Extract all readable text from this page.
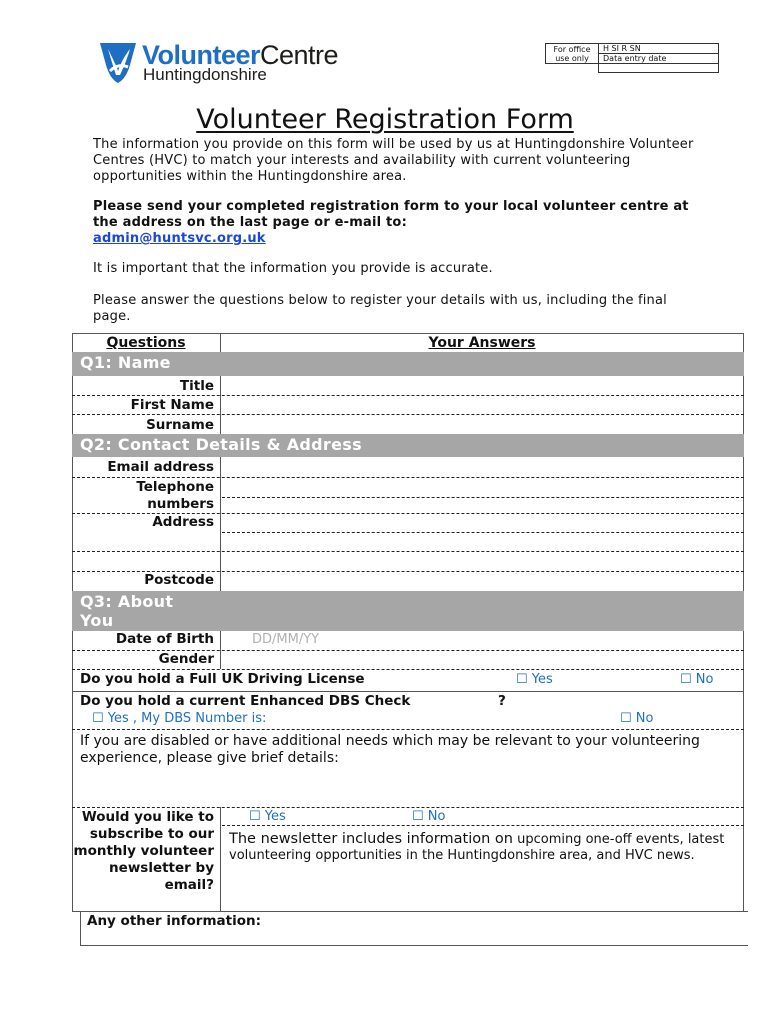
VolunteerCentre
Huntingdonshire
For office use only	H SI R SN
	Data entry date

Volunteer Registration Form
The information you provide on this form will be used by us at Huntingdonshire Volunteer Centres (HVC) to match your interests and availability with current volunteering opportunities within the Huntingdonshire area.
Please send your completed registration form to your local volunteer centre at the address on the last page or e-mail to:
admin@huntsvc.org.uk
It is important that the information you provide is accurate.
Please answer the questions below to register your details with us, including the final page.
Questions	Your Answers
Q1: Name
Title
First Name
Surname
Q2: Contact Details & Address
Email address
Telephone numbers
Address
Postcode
Q3: About
You
Date of Birth	DD/MM/YY
Gender
Do you hold a Full UK Driving License	☐ Yes	☐ No
Do you hold a current Enhanced DBS Check	?
☐ Yes , My DBS Number is:	☐ No
If you are disabled or have additional needs which may be relevant to your volunteering experience, please give brief details:
Would you like to subscribe to our monthly volunteer newsletter by email?
☐ Yes	☐ No
The newsletter includes information on upcoming one-off events, latest volunteering opportunities in the Huntingdonshire area, and HVC news.
Any other information:
